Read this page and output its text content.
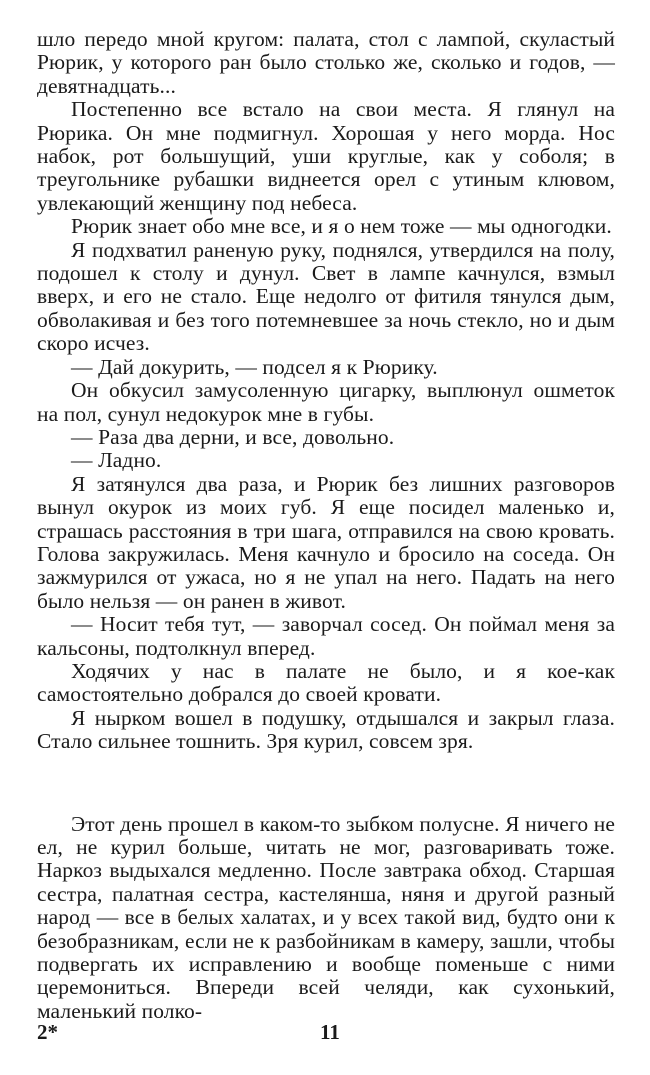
шло передо мной кругом: палата, стол с лампой, скуластый Рюрик, у которого ран было столько же, сколько и годов, — девятнадцать...

Постепенно все встало на свои места. Я глянул на Рюрика. Он мне подмигнул. Хорошая у него морда. Нос набок, рот большущий, уши круглые, как у соболя; в треугольнике рубашки виднеется орел с утиным клювом, увлекающий женщину под небеса.

Рюрик знает обо мне все, и я о нем тоже — мы одногодки.

Я подхватил раненую руку, поднялся, утвердился на полу, подошел к столу и дунул. Свет в лампе качнулся, взмыл вверх, и его не стало. Еще недолго от фитиля тянулся дым, обволакивая и без того потемневшее за ночь стекло, но и дым скоро исчез.

— Дай докурить, — подсел я к Рюрику.

Он обкусил замусоленную цигарку, выплюнул ошметок на пол, сунул недокурок мне в губы.

— Раза два дерни, и все, довольно.

— Ладно.

Я затянулся два раза, и Рюрик без лишних разговоров вынул окурок из моих губ. Я еще посидел маленько и, страшась расстояния в три шага, отправился на свою кровать. Голова закружилась. Меня качнуло и бросило на соседа. Он зажмурился от ужаса, но я не упал на него. Падать на него было нельзя — он ранен в живот.

— Носит тебя тут, — заворчал сосед. Он поймал меня за кальсоны, подтолкнул вперед.

Ходячих у нас в палате не было, и я кое-как самостоятельно добрался до своей кровати.

Я нырком вошел в подушку, отдышался и закрыл глаза. Стало сильнее тошнить. Зря курил, совсем зря.

Этот день прошел в каком-то зыбком полусне. Я ничего не ел, не курил больше, читать не мог, разговаривать тоже. Наркоз выдыхался медленно. После завтрака обход. Старшая сестра, палатная сестра, кастелянша, няня и другой разный народ — все в белых халатах, и у всех такой вид, будто они к безобразникам, если не к разбойникам в камеру, зашли, чтобы подвергать их исправлению и вообще поменьше с ними церемониться. Впереди всей челяди, как сухонький, маленький полко-

2*	11
